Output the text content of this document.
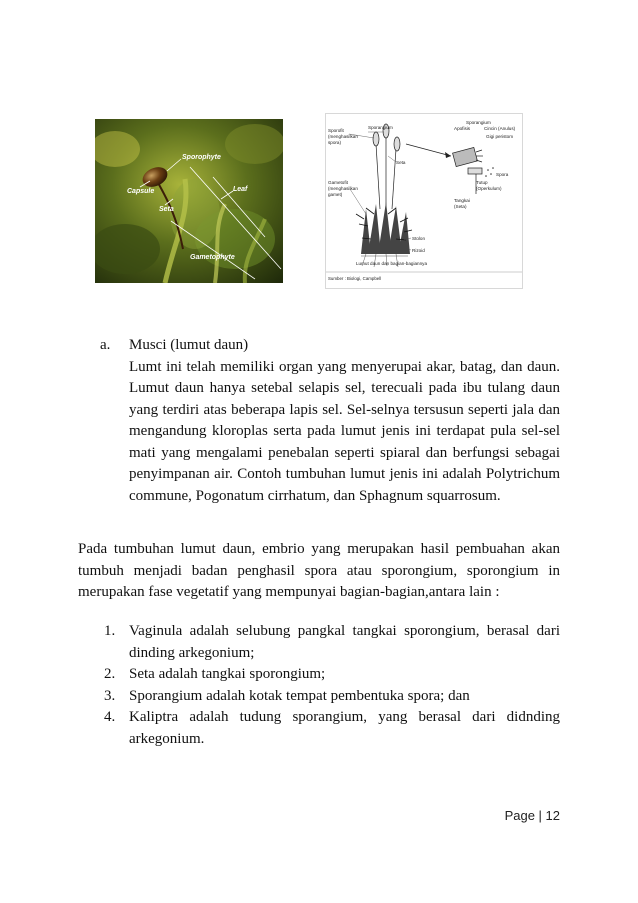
Sporophyte
Capsule
Seta
Leaf
Gametophyte
Sporofit
(menghasilkan
spora)
Sporangium
Seta
Gametofit
(menghasilkan
gamet)
Stolon
Rizoid
Lumut daun dan bagian-bagiannya
Sporangium
Apofisis	Cincin (Anulus)
Gigi peristom
Spora
Tutup
(Operkulum)
Tangkai
(Seta)
Sumber : Biologi, Campbell
a. Musci (lumut daun)
Lumt ini telah memiliki organ yang menyerupai akar, batag, dan daun. Lumut daun hanya setebal selapis sel, terecuali pada ibu tulang daun yang terdiri atas beberapa lapis sel. Sel-selnya tersusun seperti jala dan mengandung kloroplas serta pada lumut jenis ini terdapat pula sel-sel mati yang mengalami penebalan seperti spiaral dan berfungsi sebagai penyimpanan air. Contoh tumbuhan lumut jenis ini adalah Polytrichum commune, Pogonatum cirrhatum, dan Sphagnum squarrosum.
Pada tumbuhan lumut daun, embrio yang merupakan hasil pembuahan akan tumbuh menjadi badan penghasil spora atau sporongium, sporongium in merupakan fase vegetatif yang mempunyai bagian-bagian,antara lain :
1. Vaginula adalah selubung pangkal tangkai sporongium, berasal dari dinding arkegonium;
2. Seta adalah tangkai sporongium;
3. Sporangium adalah kotak tempat pembentuka spora; dan
4. Kaliptra adalah tudung sporangium, yang berasal dari didnding arkegonium.
Page | 12
